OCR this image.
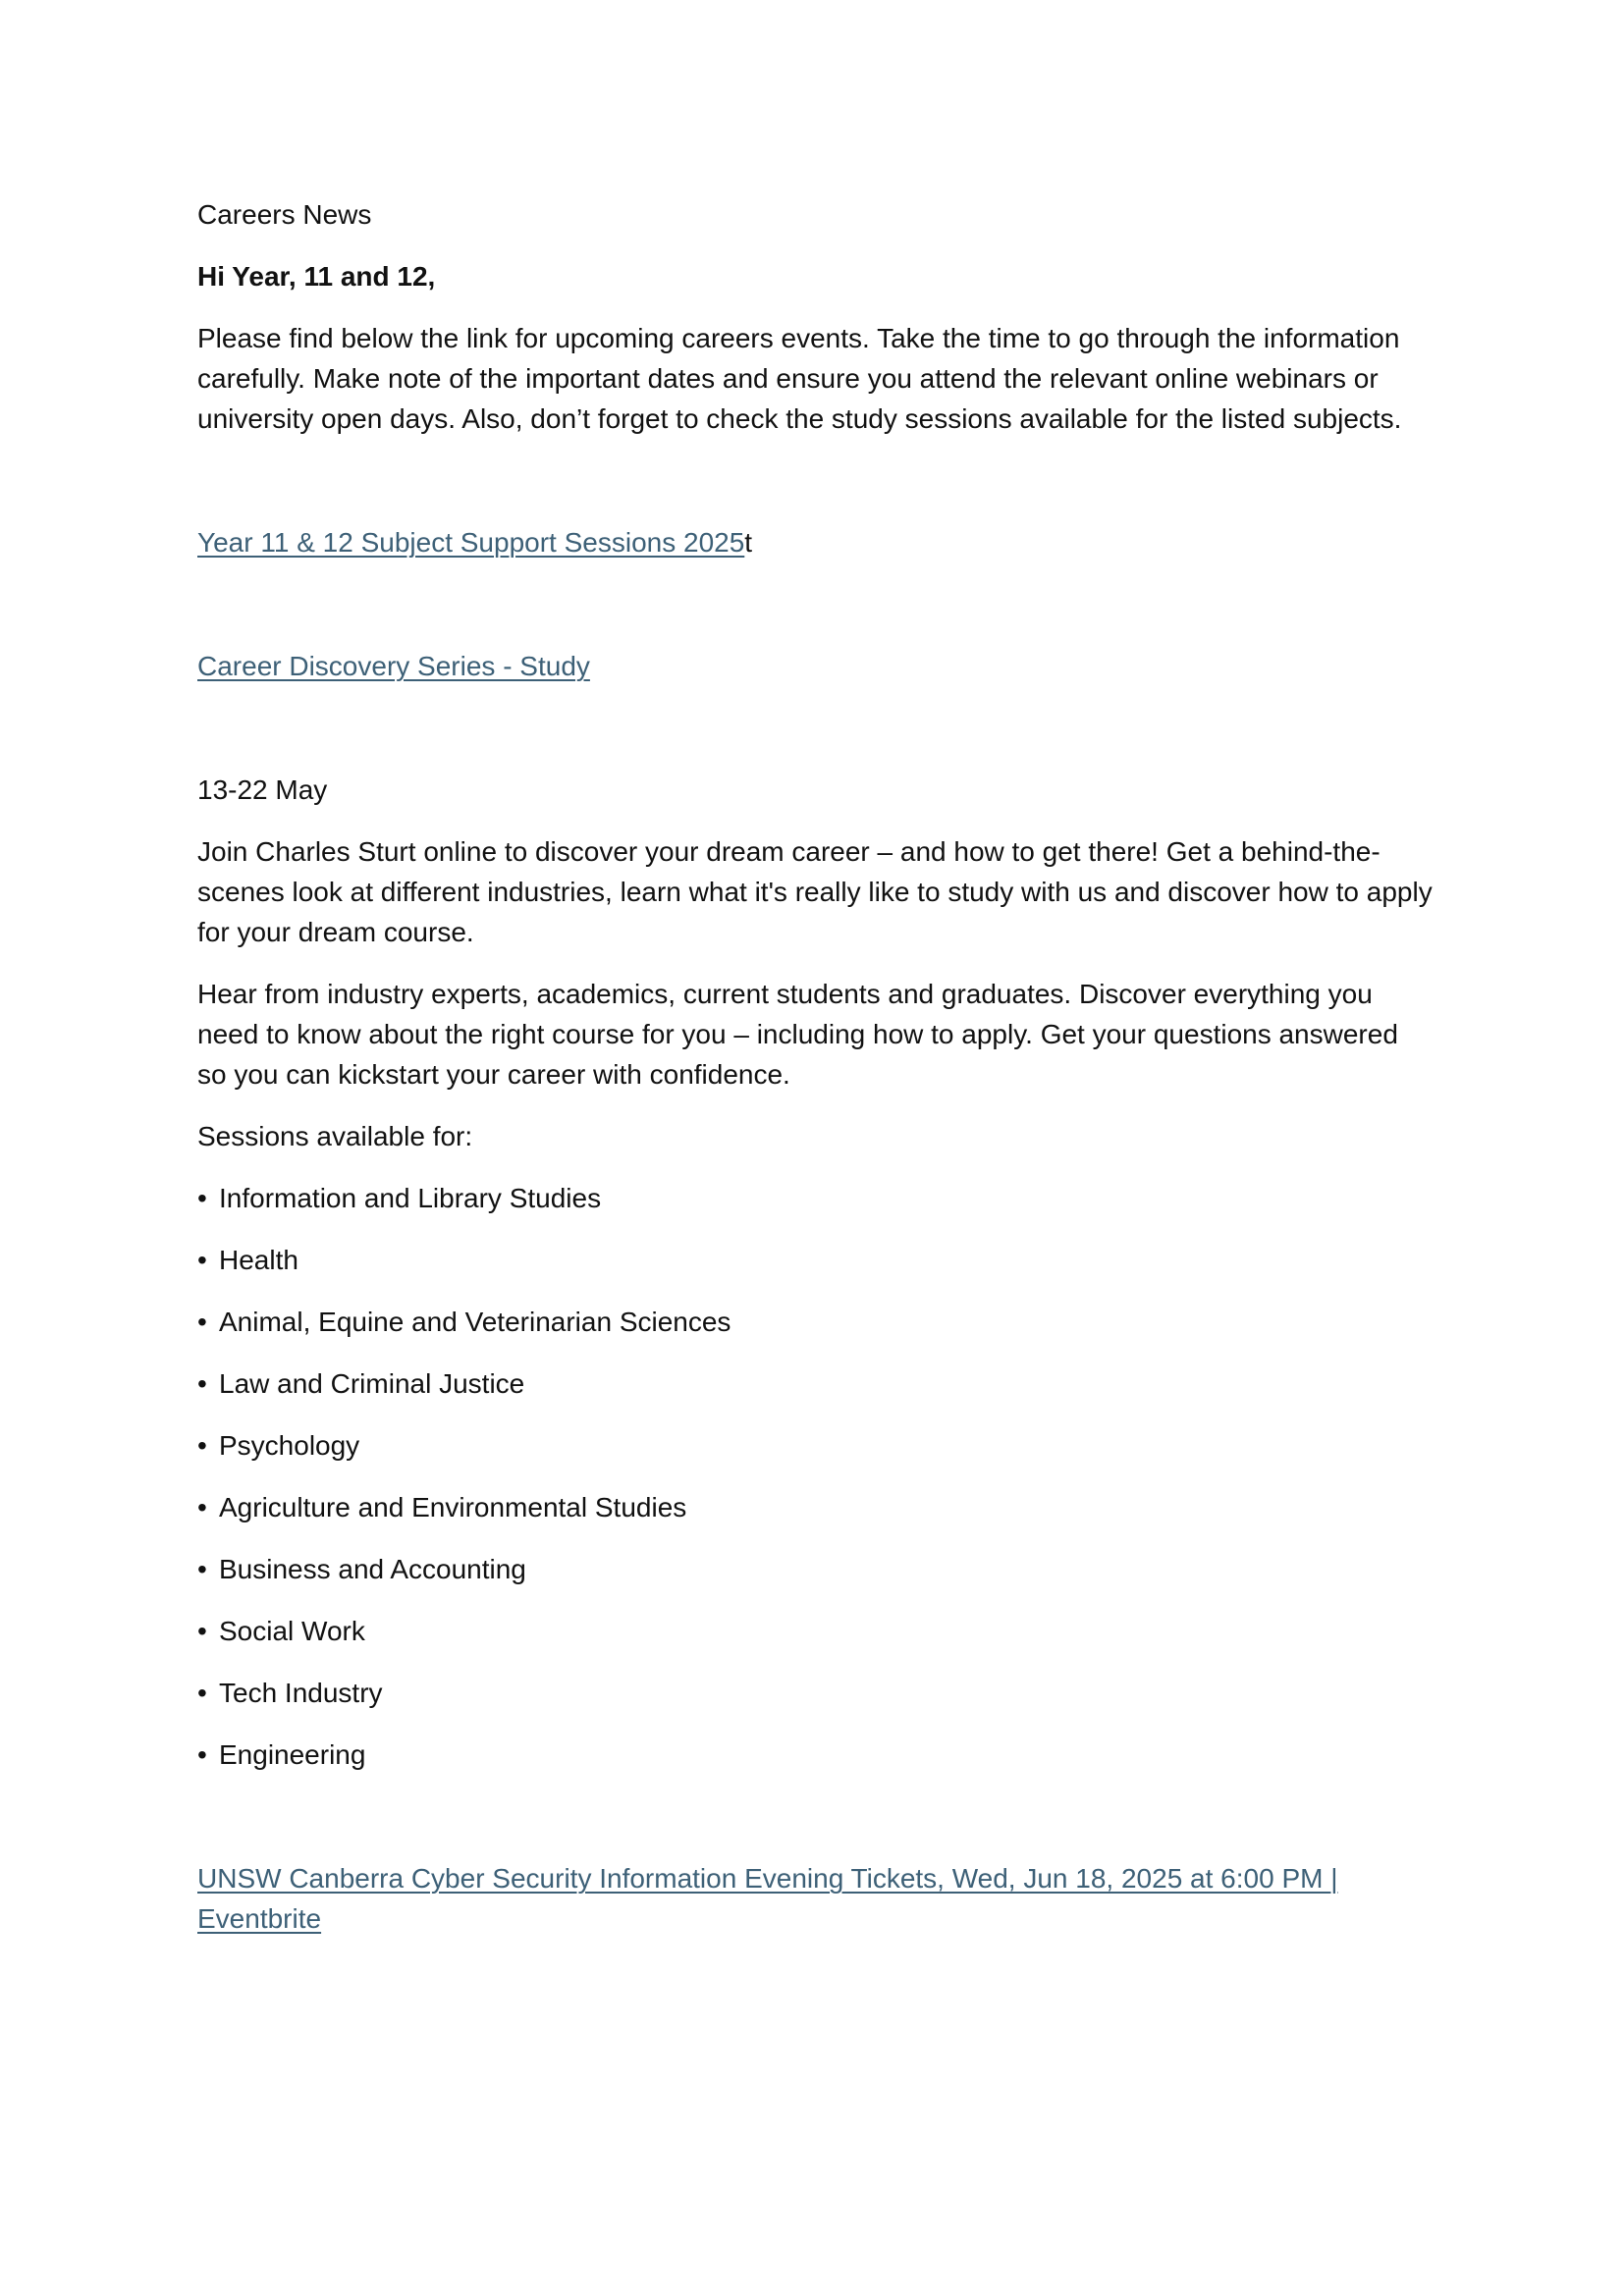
Careers News

Hi Year, 11 and 12,

Please find below the link for upcoming careers events. Take the time to go through the information carefully. Make note of the important dates and ensure you attend the relevant online webinars or university open days. Also, don’t forget to check the study sessions available for the listed subjects.

Year 11 & 12 Subject Support Sessions 2025t

Career Discovery Series - Study

13-22 May

Join Charles Sturt online to discover your dream career – and how to get there! Get a behind-the-scenes look at different industries, learn what it's really like to study with us and discover how to apply for your dream course.

Hear from industry experts, academics, current students and graduates. Discover everything you need to know about the right course for you – including how to apply. Get your questions answered so you can kickstart your career with confidence.

Sessions available for:

• Information and Library Studies
• Health
• Animal, Equine and Veterinarian Sciences
• Law and Criminal Justice
• Psychology
• Agriculture and Environmental Studies
• Business and Accounting
• Social Work
• Tech Industry
• Engineering

UNSW Canberra Cyber Security Information Evening Tickets, Wed, Jun 18, 2025 at 6:00 PM | Eventbrite
